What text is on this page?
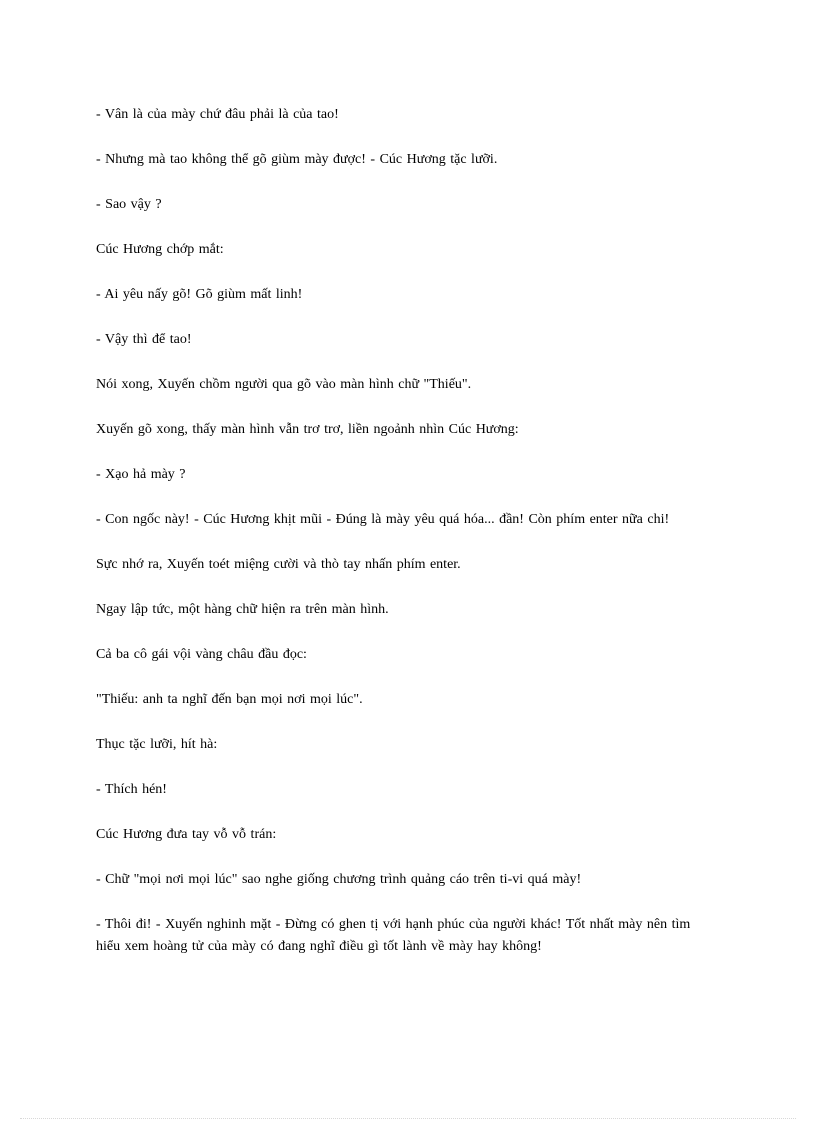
- Vân là của mày chứ đâu phải là của tao!

- Nhưng mà tao không thể gõ giùm mày được! - Cúc Hương tặc lưỡi.

- Sao vậy ?

Cúc Hương chớp mắt:

- Ai yêu nấy gõ! Gõ giùm mất linh!

- Vậy thì để tao!

Nói xong, Xuyến chồm người qua gõ vào màn hình chữ "Thiếu".

Xuyến gõ xong, thấy màn hình vẫn trơ trơ, liền ngoảnh nhìn Cúc Hương:

- Xạo hả mày ?

- Con ngốc này! - Cúc Hương khịt mũi - Đúng là mày yêu quá hóa... đần! Còn phím enter nữa chi!

Sực nhớ ra, Xuyến toét miệng cười và thò tay nhấn phím enter.

Ngay lập tức, một hàng chữ hiện ra trên màn hình.

Cả ba cô gái vội vàng châu đầu đọc:

"Thiếu: anh ta nghĩ đến bạn mọi nơi mọi lúc".

Thục tặc lưỡi, hít hà:

- Thích hén!

Cúc Hương đưa tay vỗ vỗ trán:

- Chữ "mọi nơi mọi lúc" sao nghe giống chương trình quảng cáo trên ti-vi quá mày!

- Thôi đi! - Xuyến nghinh mặt - Đừng có ghen tị với hạnh phúc của người khác! Tốt nhất mày nên tìm hiểu xem hoàng tử của mày có đang nghĩ điều gì tốt lành về mày hay không!
